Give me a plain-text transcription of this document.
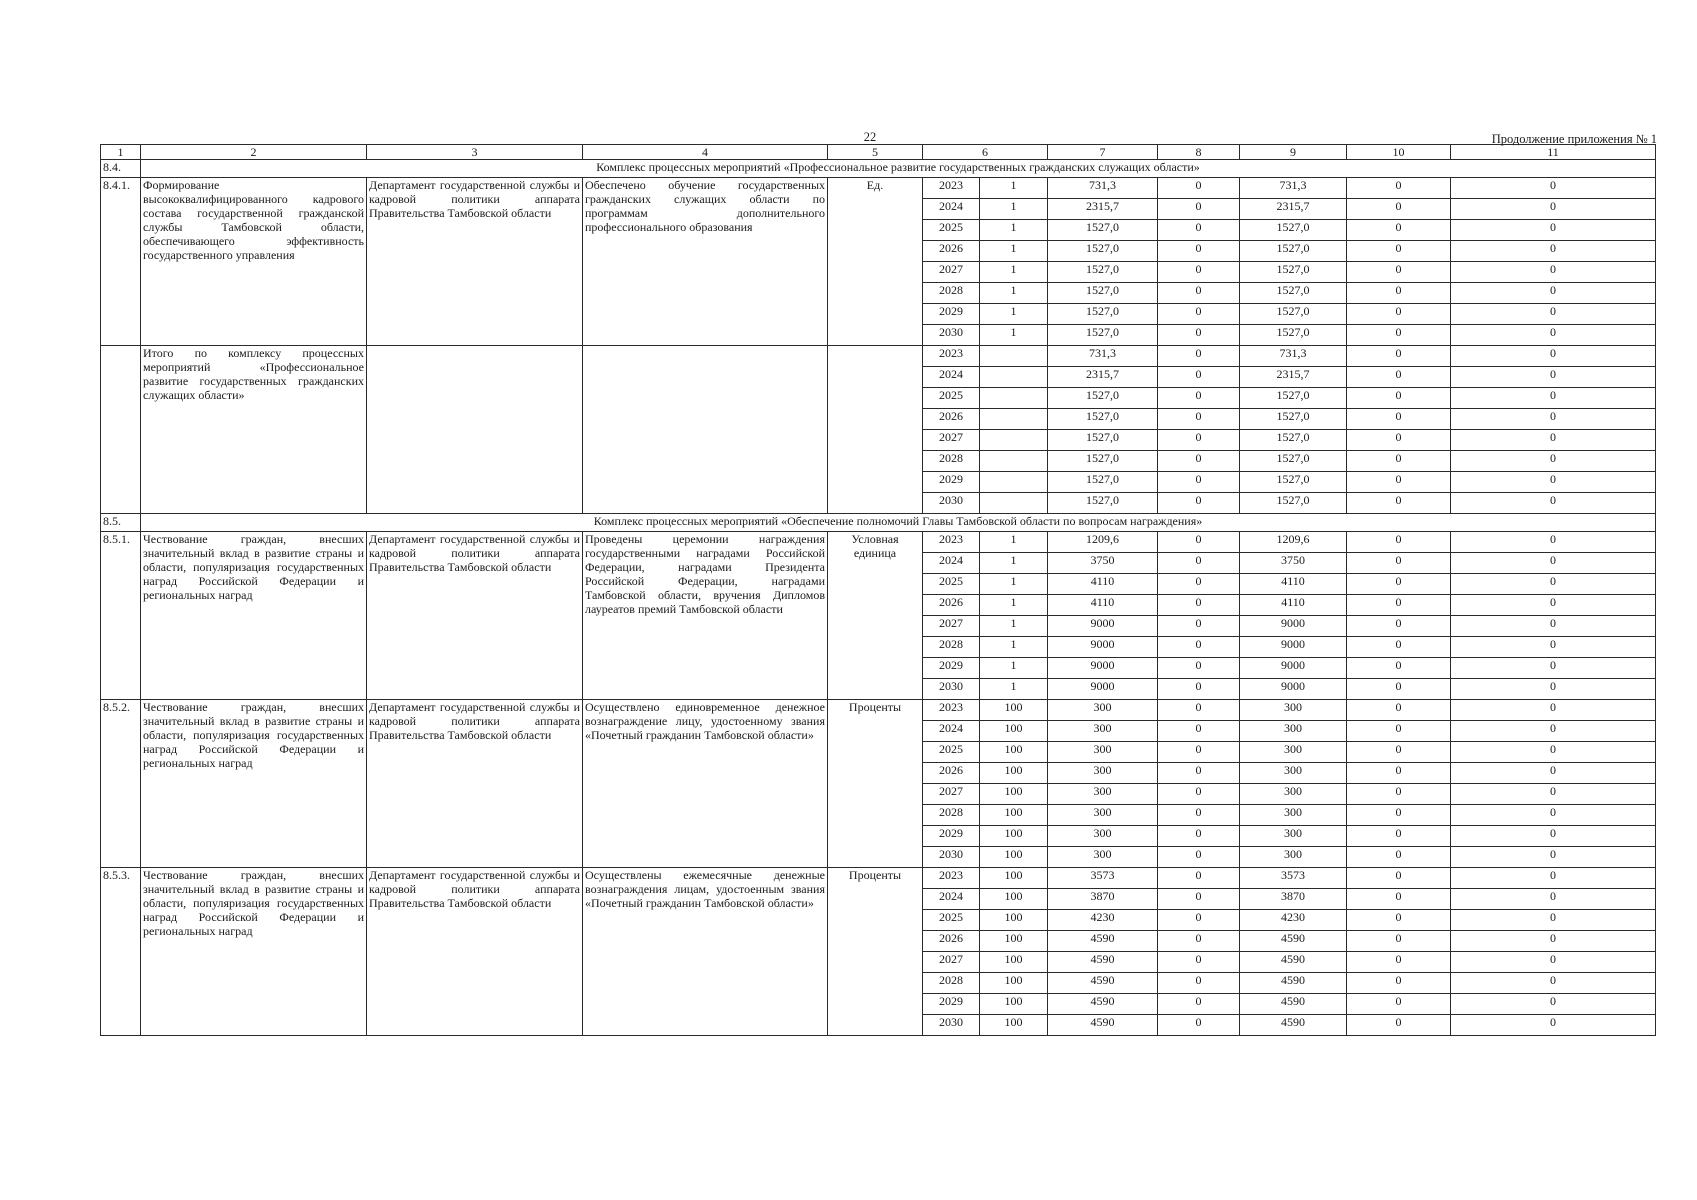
22	Продолжение приложения № 1
1	2	3	4	5	6		7	8	9	10	11
8.4.	Комплекс процессных мероприятий «Профессиональное развитие государственных гражданских служащих области»										
8.4.1.	Формирование высококвалифицированного кадрового состава государственной гражданской службы Тамбовской области, обеспечивающего эффективность государственного управления	Департамент государственной службы и кадровой политики аппарата Правительства Тамбовской области	Обеспечено обучение государственных гражданских служащих области по программам дополнительного профессионального образования	Ед.	2023	1	731,3	0	731,3	0	0
					2024	1	2315,7	0	2315,7	0	0
					2025	1	1527,0	0	1527,0	0	0
					2026	1	1527,0	0	1527,0	0	0
					2027	1	1527,0	0	1527,0	0	0
					2028	1	1527,0	0	1527,0	0	0
					2029	1	1527,0	0	1527,0	0	0
					2030	1	1527,0	0	1527,0	0	0
	Итого по комплексу процессных мероприятий «Профессиональное развитие государственных гражданских служащих области»				2023		731,3	0	731,3	0	0
					2024		2315,7	0	2315,7	0	0
					2025		1527,0	0	1527,0	0	0
					2026		1527,0	0	1527,0	0	0
					2027		1527,0	0	1527,0	0	0
					2028		1527,0	0	1527,0	0	0
					2029		1527,0	0	1527,0	0	0
					2030		1527,0	0	1527,0	0	0
8.5.	Комплекс процессных мероприятий «Обеспечение полномочий Главы Тамбовской области по вопросам награждения»										
8.5.1.	Чествование граждан, внесших значительный вклад в развитие страны и области, популяризация государственных наград Российской Федерации и региональных наград	Департамент государственной службы и кадровой политики аппарата Правительства Тамбовской области	Проведены церемонии награждения государственными наградами Российской Федерации, наградами Президента Российской Федерации, наградами Тамбовской области, вручения Дипломов лауреатов премий Тамбовской области	Условная единица	2023	1	1209,6	0	1209,6	0	0
					2024	1	3750	0	3750	0	0
					2025	1	4110	0	4110	0	0
					2026	1	4110	0	4110	0	0
					2027	1	9000	0	9000	0	0
					2028	1	9000	0	9000	0	0
					2029	1	9000	0	9000	0	0
					2030	1	9000	0	9000	0	0
8.5.2.	Чествование граждан, внесших значительный вклад в развитие страны и области, популяризация государственных наград Российской Федерации и региональных наград	Департамент государственной службы и кадровой политики аппарата Правительства Тамбовской области	Осуществлено единовременное денежное вознаграждение лицу, удостоенному звания «Почетный гражданин Тамбовской области»	Проценты	2023	100	300	0	300	0	0
					2024	100	300	0	300	0	0
					2025	100	300	0	300	0	0
					2026	100	300	0	300	0	0
					2027	100	300	0	300	0	0
					2028	100	300	0	300	0	0
					2029	100	300	0	300	0	0
					2030	100	300	0	300	0	0
8.5.3.	Чествование граждан, внесших значительный вклад в развитие страны и области, популяризация государственных наград Российской Федерации и региональных наград	Департамент государственной службы и кадровой политики аппарата Правительства Тамбовской области	Осуществлены ежемесячные денежные вознаграждения лицам, удостоенным звания «Почетный гражданин Тамбовской области»	Проценты	2023	100	3573	0	3573	0	0
					2024	100	3870	0	3870	0	0
					2025	100	4230	0	4230	0	0
					2026	100	4590	0	4590	0	0
					2027	100	4590	0	4590	0	0
					2028	100	4590	0	4590	0	0
					2029	100	4590	0	4590	0	0
					2030	100	4590	0	4590	0	0
